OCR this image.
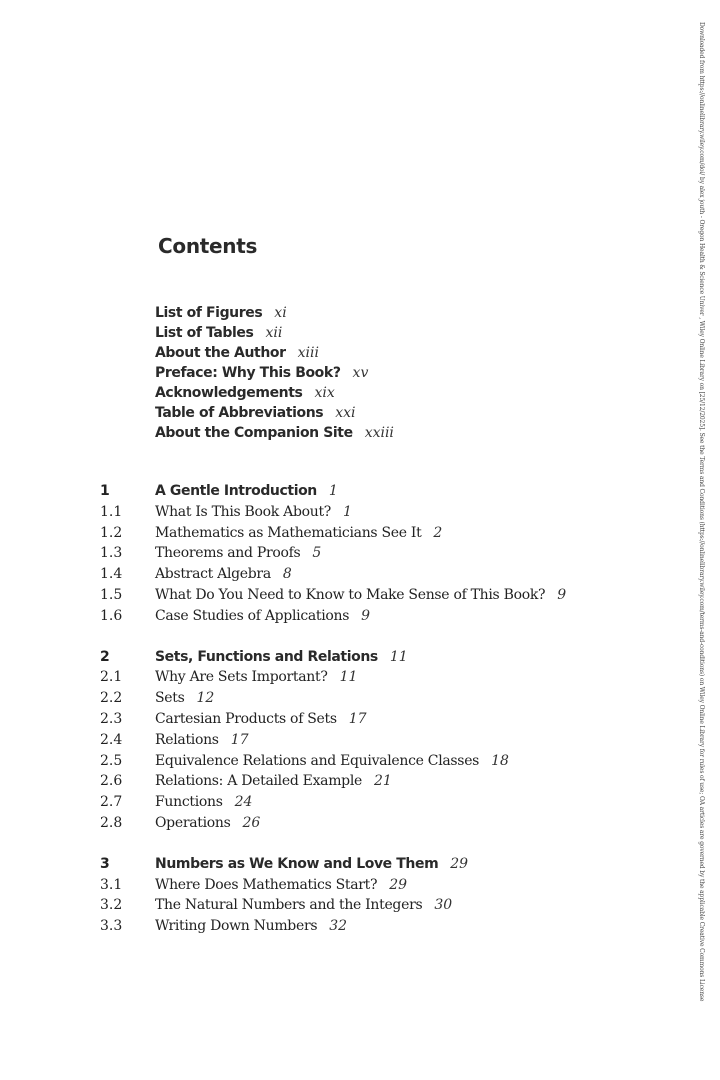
Contents
List of Figures xi
List of Tables xii
About the Author xiii
Preface: Why This Book? xv
Acknowledgements xix
Table of Abbreviations xxi
About the Companion Site xxiii
1	A Gentle Introduction 1
1.1	What Is This Book About? 1
1.2	Mathematics as Mathematicians See It 2
1.3	Theorems and Proofs 5
1.4	Abstract Algebra 8
1.5	What Do You Need to Know to Make Sense of This Book? 9
1.6	Case Studies of Applications 9
2	Sets, Functions and Relations 11
2.1	Why Are Sets Important? 11
2.2	Sets 12
2.3	Cartesian Products of Sets 17
2.4	Relations 17
2.5	Equivalence Relations and Equivalence Classes 18
2.6	Relations: A Detailed Example 21
2.7	Functions 24
2.8	Operations 26
3	Numbers as We Know and Love Them 29
3.1	Where Does Mathematics Start? 29
3.2	The Natural Numbers and the Integers 30
3.3	Writing Down Numbers 32	Downloaded from https://onlinelibrary.wiley.com/doi/ by alex jouth - Oregon Health & Science Univer , Wiley Online Library on [25/12/2025]. See the Terms and Conditions (https://onlinelibrary.wiley.com/terms-and-conditions) on Wiley Online Library for rules of use; OA articles are governed by the applicable Creative Commons License
